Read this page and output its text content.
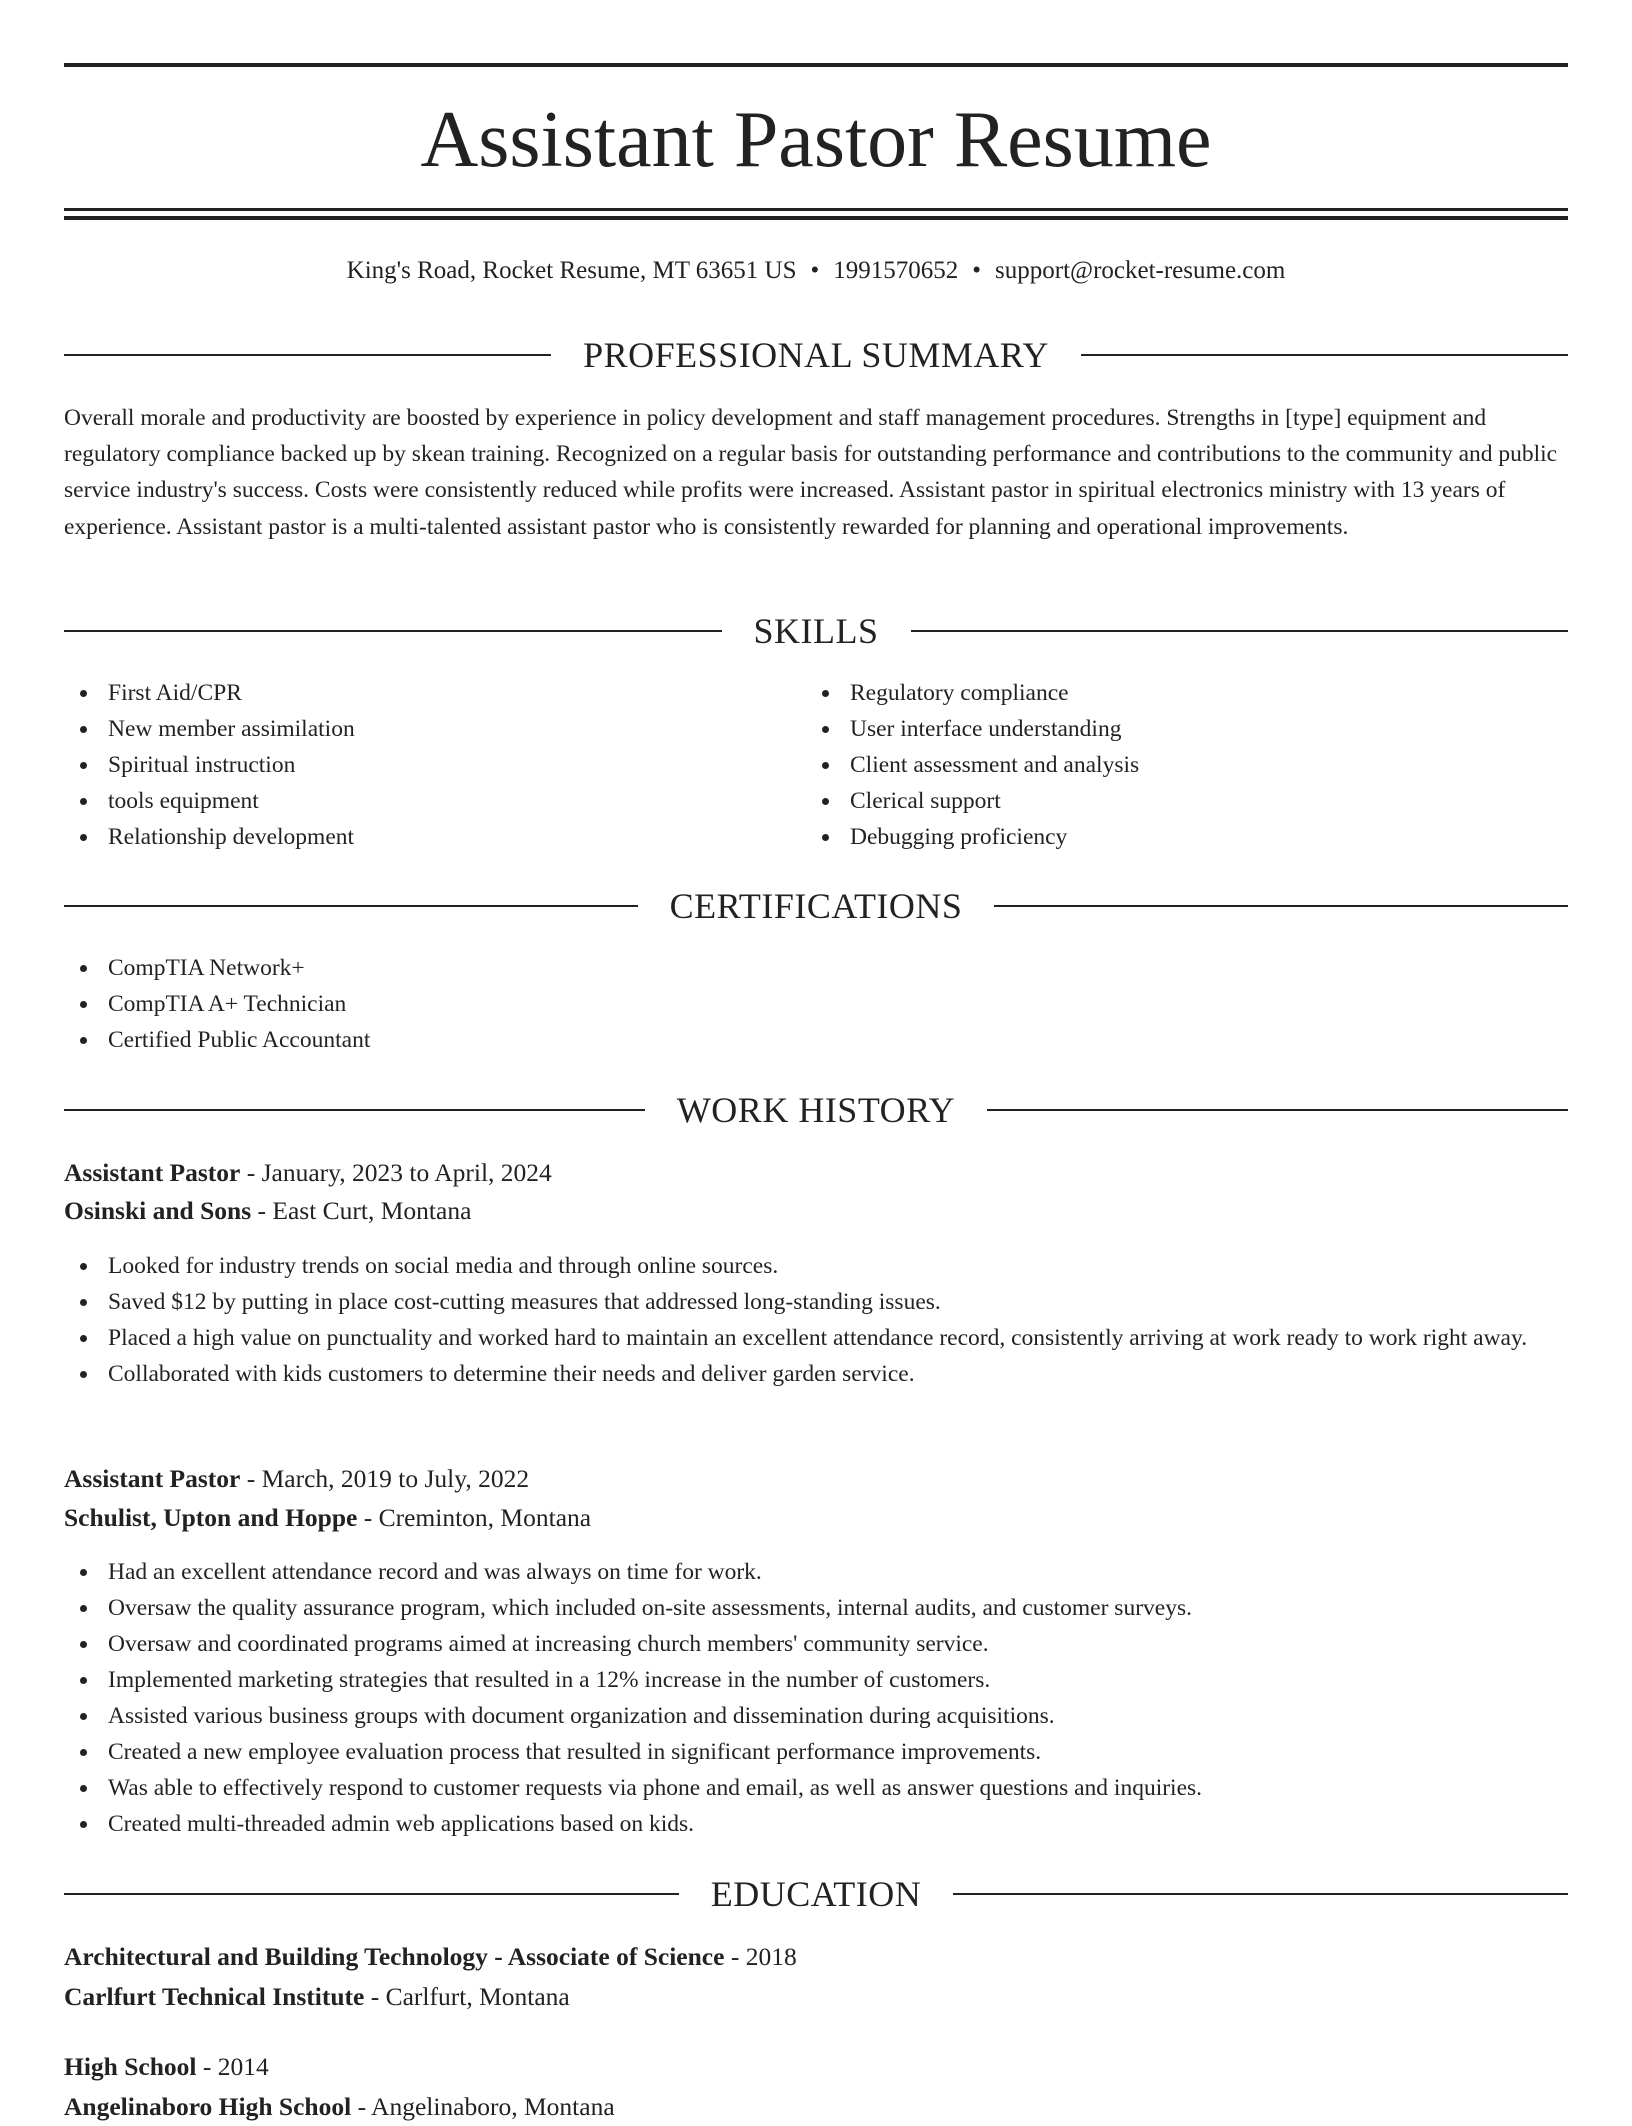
Assistant Pastor Resume
King's Road, Rocket Resume, MT 63651 US • 1991570652 • support@rocket-resume.com
PROFESSIONAL SUMMARY

Overall morale and productivity are boosted by experience in policy development and staff management procedures. Strengths in [type] equipment and regulatory compliance backed up by skean training. Recognized on a regular basis for outstanding performance and contributions to the community and public service industry's success. Costs were consistently reduced while profits were increased. Assistant pastor in spiritual electronics ministry with 13 years of experience. Assistant pastor is a multi-talented assistant pastor who is consistently rewarded for planning and operational improvements.

SKILLS
First Aid/CPR
New member assimilation
Spiritual instruction
tools equipment
Relationship development
Regulatory compliance
User interface understanding
Client assessment and analysis
Clerical support
Debugging proficiency
CERTIFICATIONS
CompTIA Network+
CompTIA A+ Technician
Certified Public Accountant
WORK HISTORY
Assistant Pastor - January, 2023 to April, 2024
Osinski and Sons - East Curt, Montana
Looked for industry trends on social media and through online sources.
Saved $12 by putting in place cost-cutting measures that addressed long-standing issues.
Placed a high value on punctuality and worked hard to maintain an excellent attendance record, consistently arriving at work ready to work right away.
Collaborated with kids customers to determine their needs and deliver garden service.
Assistant Pastor - March, 2019 to July, 2022
Schulist, Upton and Hoppe - Creminton, Montana
Had an excellent attendance record and was always on time for work.
Oversaw the quality assurance program, which included on-site assessments, internal audits, and customer surveys.
Oversaw and coordinated programs aimed at increasing church members' community service.
Implemented marketing strategies that resulted in a 12% increase in the number of customers.
Assisted various business groups with document organization and dissemination during acquisitions.
Created a new employee evaluation process that resulted in significant performance improvements.
Was able to effectively respond to customer requests via phone and email, as well as answer questions and inquiries.
Created multi-threaded admin web applications based on kids.
EDUCATION
Architectural and Building Technology - Associate of Science - 2018
Carlfurt Technical Institute - Carlfurt, Montana
High School - 2014
Angelinaboro High School - Angelinaboro, Montana
